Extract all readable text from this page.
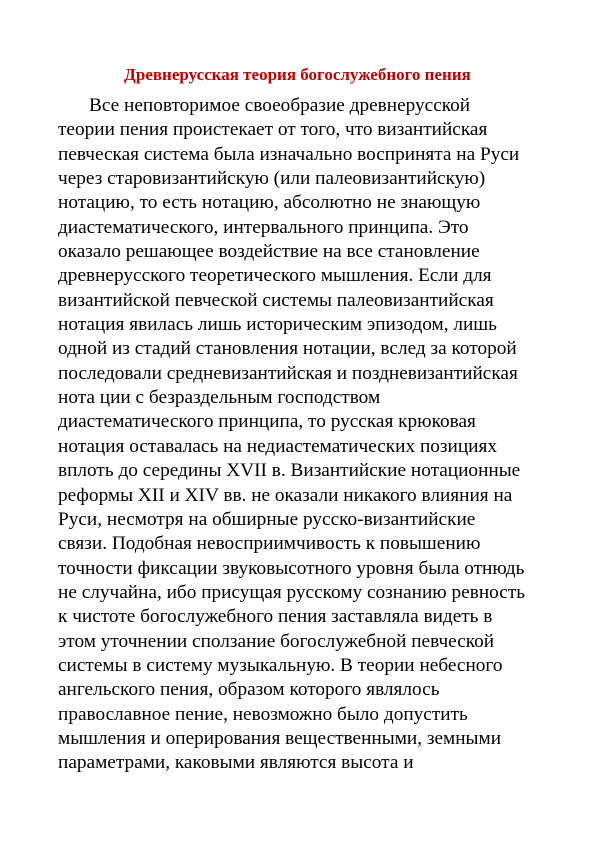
Древнерусская теория богослужебного пения
Все неповторимое своеобразие древнерусской
теории пения проистекает от того, что византийская
певческая система была изначально воспринята на Руси
через старовизантийскую (или палеовизантийскую)
нотацию, то есть нотацию, абсолютно не знающую
диастематического, интервального принципа. Это
оказало решающее воздействие на все становление
древнерусского теоретического мышления. Если для
византийской певческой системы палеовизантийская
нотация явилась лишь историческим эпизодом, лишь
одной из стадий становления нотации, вслед за которой
последовали средневизантийская и поздневизантийская
нота ции с безраздельным господством
диастематического принципа, то русская крюковая
нотация оставалась на недиастематических позициях
вплоть до середины XVII в. Византийские нотационные
реформы XII и XIV вв. не оказали никакого влияния на
Руси, несмотря на обширные русско-византийские
связи. Подобная невосприимчивость к повышению
точности фиксации звуковысотного уровня была отнюдь
не случайна, ибо присущая русскому сознанию ревность
к чистоте богослужебного пения заставляла видеть в
этом уточнении сползание богослужебной певческой
системы в систему музыкальную. В теории небесного
ангельского пения, образом которого являлось
православное пение, невозможно было допустить
мышления и оперирования вещественными, земными
параметрами, каковыми являются высота и
